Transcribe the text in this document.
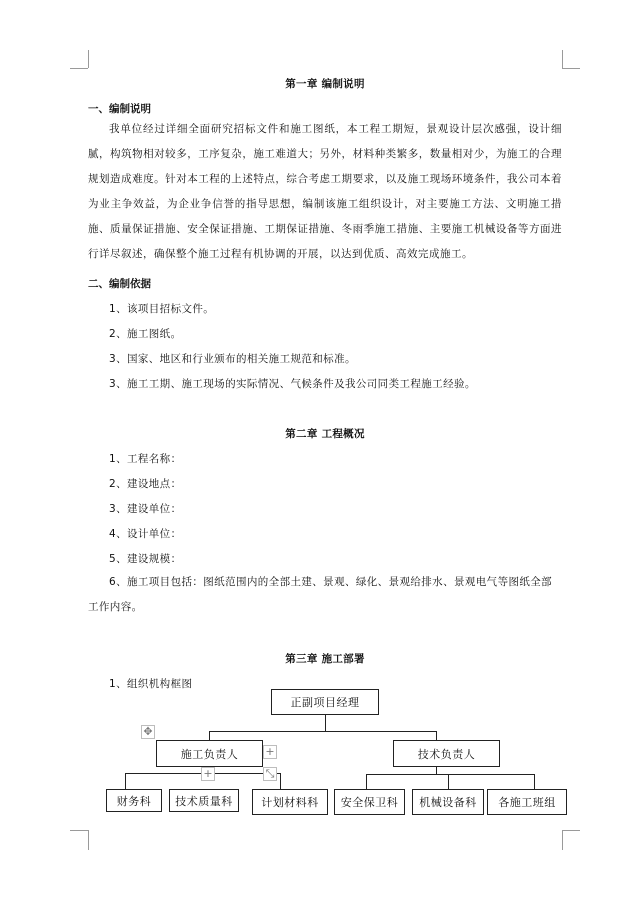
第一章 编制说明
一、编制说明
我单位经过详细全面研究招标文件和施工图纸，本工程工期短，景观设计层次感强，设计细腻，构筑物相对较多，工序复杂，施工难道大；另外，材料种类繁多，数量相对少，为施工的合理规划造成难度。针对本工程的上述特点，综合考虑工期要求，以及施工现场环境条件，我公司本着为业主争效益，为企业争信誉的指导思想，编制该施工组织设计，对主要施工方法、文明施工措施、质量保证措施、安全保证措施、工期保证措施、冬雨季施工措施、主要施工机械设备等方面进行详尽叙述，确保整个施工过程有机协调的开展，以达到优质、高效完成施工。
二、编制依据
1、该项目招标文件。
2、施工图纸。
3、国家、地区和行业颁布的相关施工规范和标准。
3、施工工期、施工现场的实际情况、气候条件及我公司同类工程施工经验。
第二章 工程概况
1、工程名称：
2、建设地点：
3、建设单位：
4、设计单位：
5、建设规模：
6、施工项目包括：图纸范围内的全部土建、景观、绿化、景观给排水、景观电气等图纸全部工作内容。
第三章 施工部署
1、组织机构框图
正副项目经理
施工负责人	技术负责人
财务科	技术质量科	计划材料科	安全保卫科	机械设备科	各施工班组
✥
+
+	⤡
